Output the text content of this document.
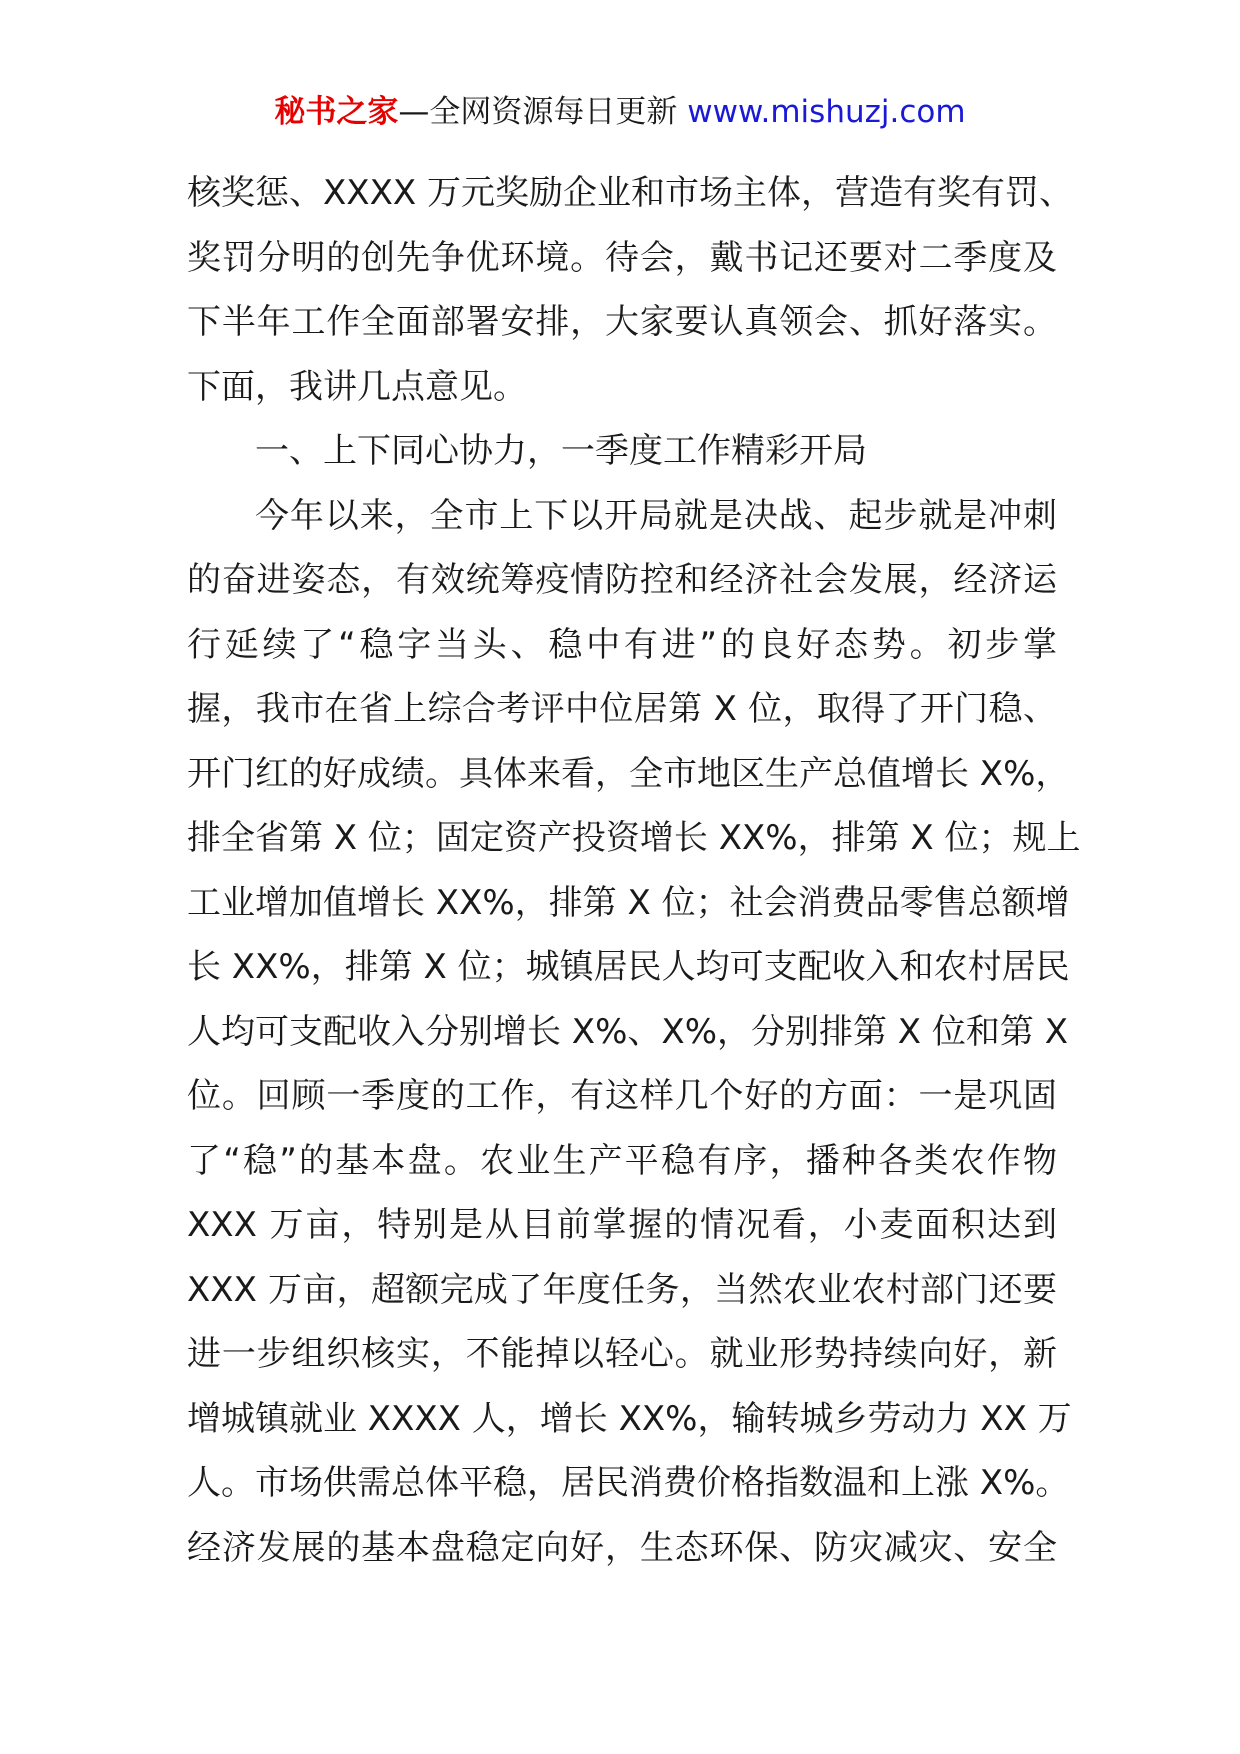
秘书之家—全网资源每日更新 www.mishuzj.com
核奖惩、XXXX 万元奖励企业和市场主体，营造有奖有罚、
奖罚分明的创先争优环境。待会，戴书记还要对二季度及
下半年工作全面部署安排，大家要认真领会、抓好落实。
下面，我讲几点意见。
一、上下同心协力，一季度工作精彩开局
今年以来，全市上下以开局就是决战、起步就是冲刺
的奋进姿态，有效统筹疫情防控和经济社会发展，经济运
行延续了“稳字当头、稳中有进”的良好态势。初步掌
握，我市在省上综合考评中位居第 X 位，取得了开门稳、
开门红的好成绩。具体来看，全市地区生产总值增长 X%，
排全省第 X 位；固定资产投资增长 XX%，排第 X 位；规上
工业增加值增长 XX%，排第 X 位；社会消费品零售总额增
长 XX%，排第 X 位；城镇居民人均可支配收入和农村居民
人均可支配收入分别增长 X%、X%，分别排第 X 位和第 X
位。回顾一季度的工作，有这样几个好的方面：一是巩固
了“稳”的基本盘。农业生产平稳有序，播种各类农作物
XXX 万亩，特别是从目前掌握的情况看，小麦面积达到
XXX 万亩，超额完成了年度任务，当然农业农村部门还要
进一步组织核实，不能掉以轻心。就业形势持续向好，新
增城镇就业 XXXX 人，增长 XX%，输转城乡劳动力 XX 万
人。市场供需总体平稳，居民消费价格指数温和上涨 X%。
经济发展的基本盘稳定向好，生态环保、防灾减灾、安全
